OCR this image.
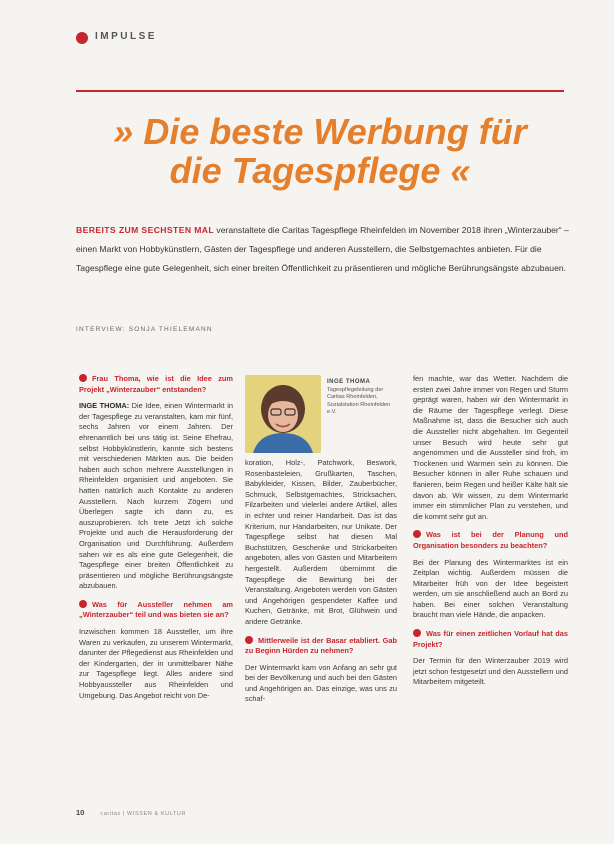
IMPULSE
» Die beste Werbung für
die Tagespflege «
BEREITS ZUM SECHSTEN MAL veranstaltete die Caritas Tagespflege Rheinfelden im November 2018 ihren „Winterzauber“ – einen Markt von Hobbykünstlern, Gästen der Tagespflege und anderen Ausstellern, die Selbstgemachtes anbieten. Für die Tagespflege eine gute Gelegenheit, sich einer breiten Öffentlichkeit zu präsentieren und mögliche Berührungsängste abzubauen.
INTERVIEW: SONJA THIELEMANN

Frau Thoma, wie ist die Idee zum Projekt „Winterzauber“ entstanden?

INGE THOMA: Die Idee, einen Wintermarkt in der Tagespflege zu veranstalten, kam mir fünf, sechs Jahren vor einem Jahren. Der ehrenamtlich bei uns tätig ist. Seine Ehefrau, selbst Hobbykünstlerin, kannte sich bestens mit verschiedenen Märkten aus. Die beiden haben auch schon mehrere Ausstellungen in Rheinfelden organisiert und angeboten. Sie hatten natürlich auch Kontakte zu anderen Ausstellern. Nach kurzem Zögern und Überlegen sagte ich dann zu, es auszuprobieren. Ich trete Jetzt ich solche Projekte und auch die Herausforderung der Organisation und Durchführung. Außerdem sahen wir es als eine gute Gelegenheit, die Tagespflege einer breiten Öffentlichkeit zu präsentieren und mögliche Berührungsängste abzubauen.

Was für Aussteller nehmen am „Winterzauber“ teil und was bieten sie an?

Inzwischen kommen 18 Aussteller, um ihre Waren zu verkaufen, zu unserem Wintermarkt, darunter der Pflegedienst aus Rheinfelden und der Kindergarten, der in unmittelbarer Nähe zur Tagespflege liegt. Alles andere sind Hobbyaussteller aus Rheinfelden und Umgebung. Das Angebot reicht von De-

INGE THOMA
Tagespflegeleitung der Caritas Rheinfelden, Sozialstation Rheinfelden e.V.

koration, Holz-, Patchwork, Beswork, Rosenbasteleien, Grußkarten, Taschen, Babykleider, Kissen, Bilder, Zauberbücher, Schmuck, Selbstgemachtes, Stricksachen, Filzarbeiten und vielerlei andere Artikel, alles in echter und reiner Handarbeit. Das ist das Kriterium, nur Handarbeiten, nur Unikate. Der Tagespflege selbst hat diesen Mal Buchstützen, Geschenke und Strickarbeiten angeboten, alles von Gästen und Mitarbeitern hergestellt. Außerdem übernimmt die Tagespflege die Bewirtung bei der Veranstaltung. Angeboten werden von Gästen und Angehörigen gespendeter Kaffee und Kuchen, Getränke, mit Brot, Glühwein und andere Getränke.

Mittlerweile ist der Basar etabliert. Gab zu Beginn Hürden zu nehmen?

Der Wintermarkt kam von Anfang an sehr gut bei der Bevölkerung und auch bei den Gästen und Angehörigen an. Das einzige, was uns zu schaf-

fen machte, war das Wetter. Nachdem die ersten zwei Jahre immer von Regen und Sturm geprägt waren, haben wir den Wintermarkt in die Räume der Tagespflege verlegt. Diese Maßnahme ist, dass die Besucher sich auch die Aussteller nicht abgehalten. Im Gegenteil unser Besuch wird heute sehr gut angenommen und die Aussteller sind froh, im Trockenen und Warmen sein zu können. Die Besucher können in aller Ruhe schauen und flanieren, beim Regen und heißer Kälte hält sie davon ab. Wir wissen, zu dem Wintermarkt immer ein stimmlicher Plan zu verstehen, und die kommt sehr gut an.

Was ist bei der Planung und Organisation besonders zu beachten?

Bei der Planung des Wintermarktes ist ein Zeitplan wichtig. Außerdem müssen die Mitarbeiter früh von der Idee begeistert werden, um sie anschließend auch an Bord zu haben. Bei einer solchen Veranstaltung braucht man viele Hände, die anpacken.

Was für einen zeitlichen Vorlauf hat das Projekt?

Der Termin für den Winterzauber 2019 wird jetzt schon festgesetzt und den Ausstellern und Mitarbeitern mitgeteilt.

10	caritas | WISSEN & KULTUR
